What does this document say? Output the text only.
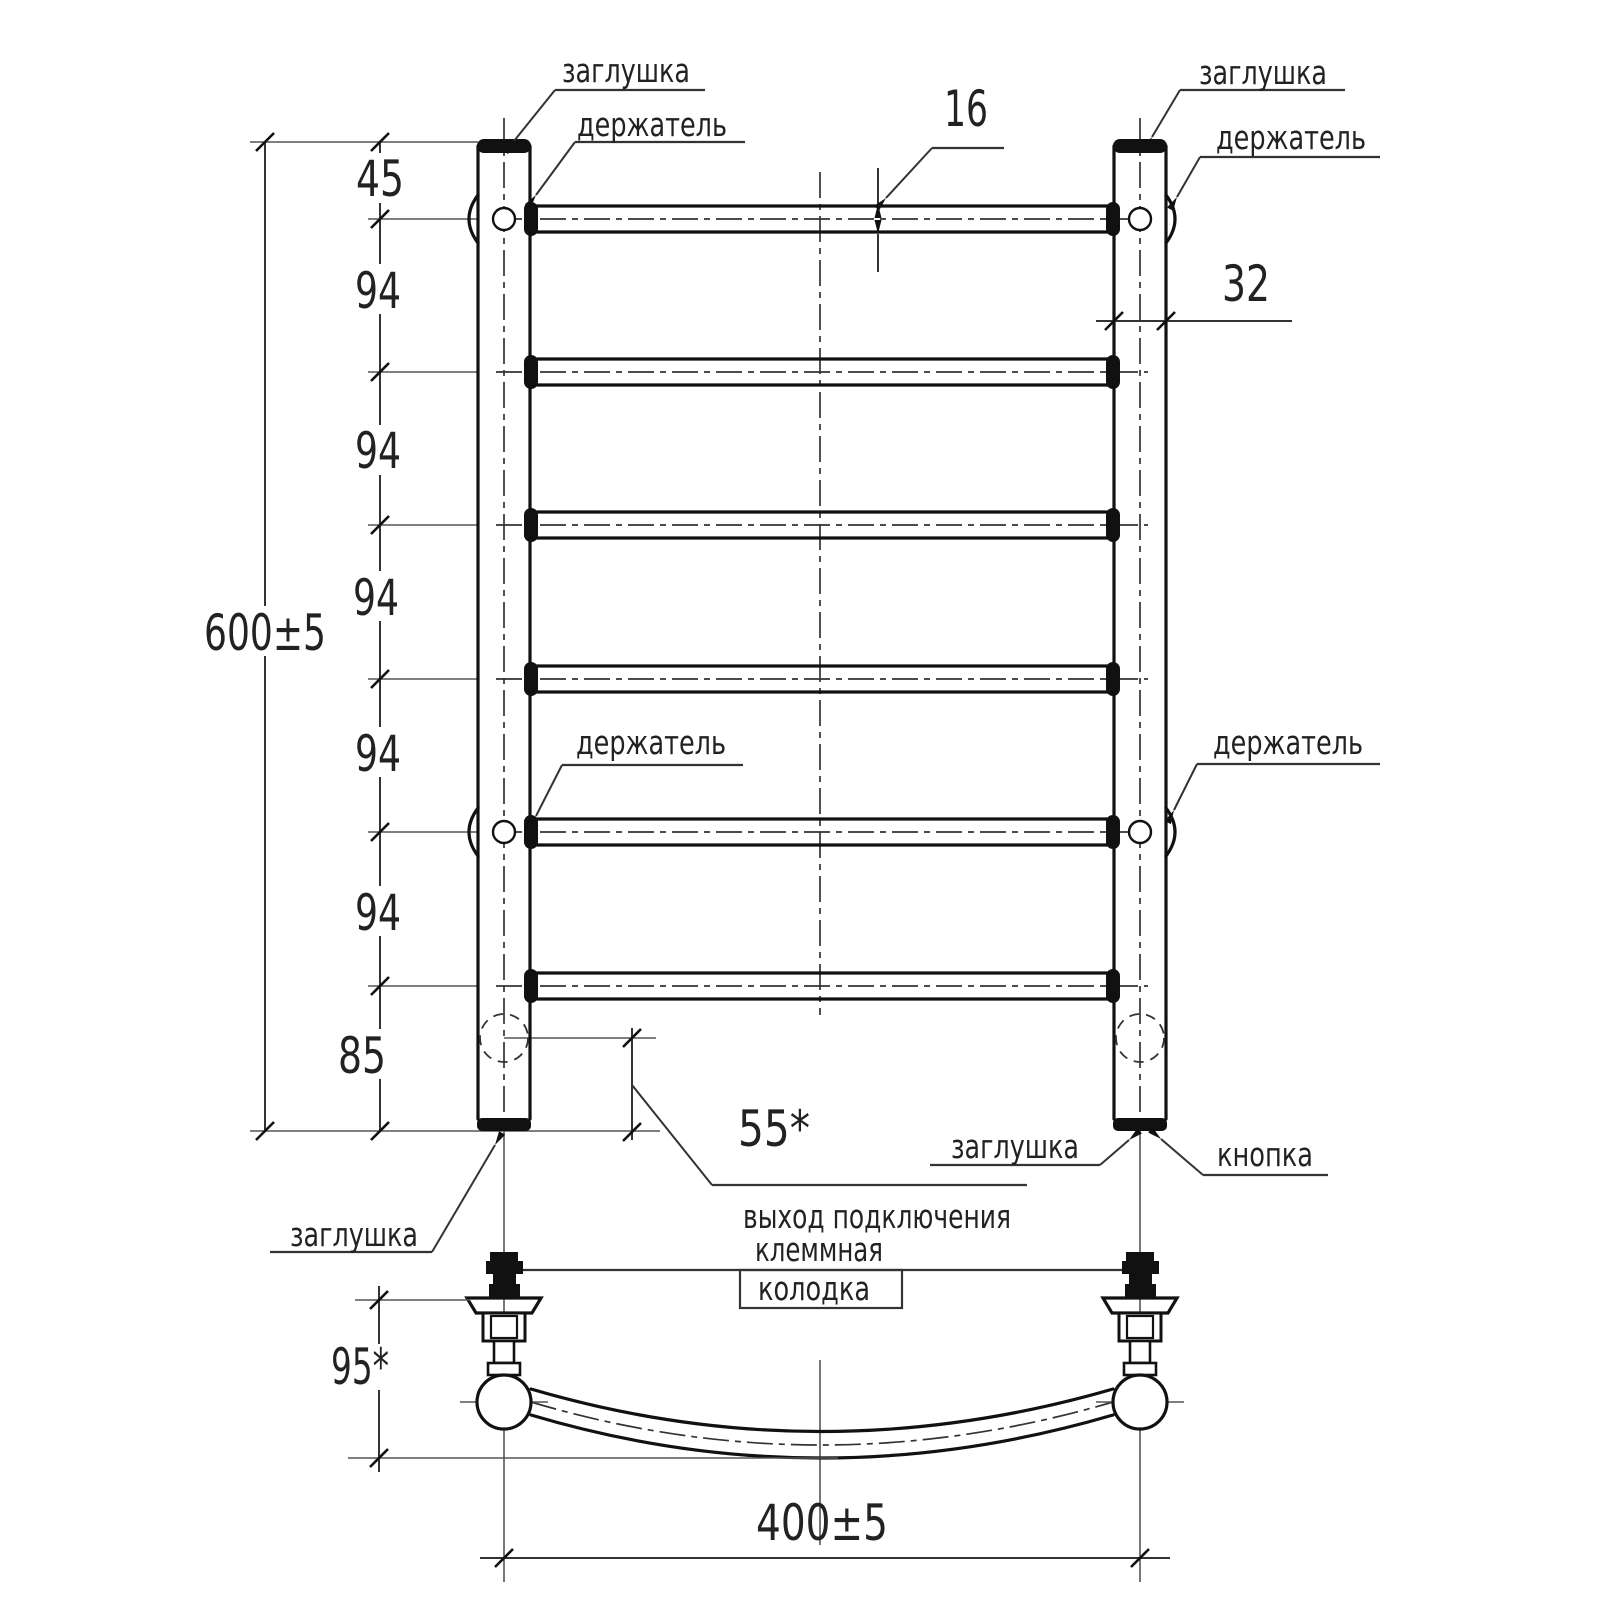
заглушка
держатель
заглушка
держатель
держатель	держатель
заглушка
заглушка	кнопка
выход подключения
клеммная
колодка
45
94
94
94
94
94
85
600±5
16
32
55*
95*
400±5
